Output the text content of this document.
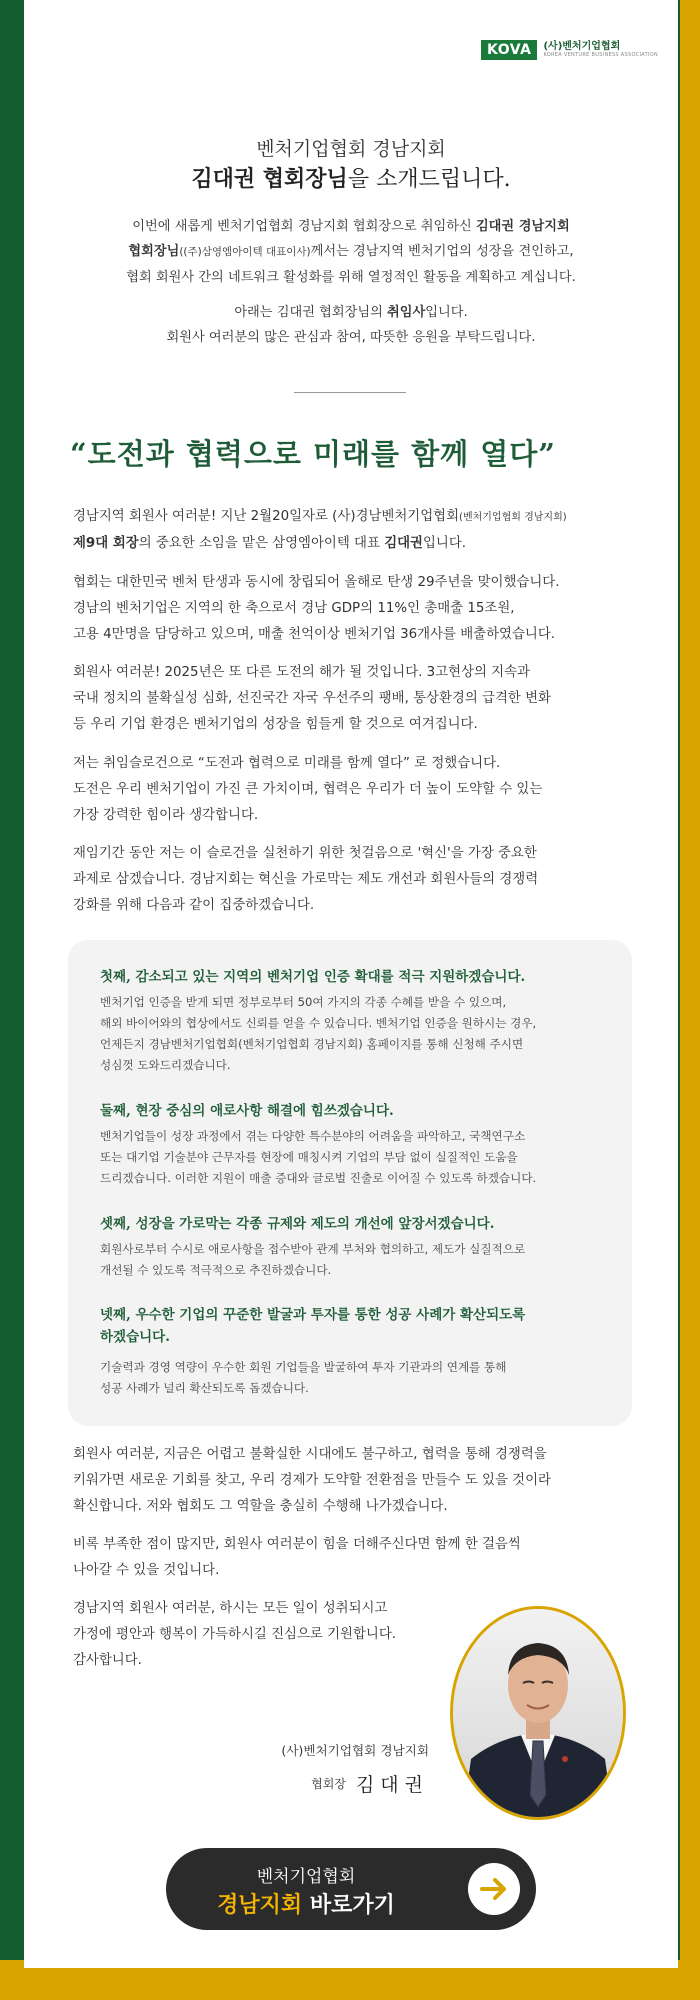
KOVA	(사)벤처기업협회
KOREA VENTURE BUSINESS ASSOCIATION
벤처기업협회 경남지회
김대권 협회장님을 소개드립니다.
이번에 새롭게 벤처기업협회 경남지회 협회장으로 취임하신 김대권 경남지회
협회장님((주)삼영엠아이텍 대표이사)께서는 경남지역 벤처기업의 성장을 견인하고,
협회 회원사 간의 네트워크 활성화를 위해 열정적인 활동을 계획하고 계십니다.
아래는 김대권 협회장님의 취임사입니다.
회원사 여러분의 많은 관심과 참여, 따뜻한 응원을 부탁드립니다.
“도전과 협력으로 미래를 함께 열다”
경남지역 회원사 여러분! 지난 2월20일자로 (사)경남벤처기업협회(벤처기업협회 경남지회)
제9대 회장의 중요한 소임을 맡은 삼영엠아이텍 대표 김대권입니다.
협회는 대한민국 벤처 탄생과 동시에 창립되어 올해로 탄생 29주년을 맞이했습니다.
경남의 벤처기업은 지역의 한 축으로서 경남 GDP의 11%인 총매출 15조원,
고용 4만명을 담당하고 있으며, 매출 천억이상 벤처기업 36개사를 배출하였습니다.
회원사 여러분! 2025년은 또 다른 도전의 해가 될 것입니다. 3고현상의 지속과
국내 정치의 불확실성 심화, 선진국간 자국 우선주의 팽배, 통상환경의 급격한 변화
등 우리 기업 환경은 벤처기업의 성장을 힘들게 할 것으로 여겨집니다.
저는 취임슬로건으로 “도전과 협력으로 미래를 함께 열다” 로 정했습니다.
도전은 우리 벤처기업이 가진 큰 가치이며, 협력은 우리가 더 높이 도약할 수 있는
가장 강력한 힘이라 생각합니다.
재임기간 동안 저는 이 슬로건을 실천하기 위한 첫걸음으로 '혁신'을 가장 중요한
과제로 삼겠습니다. 경남지회는 혁신을 가로막는 제도 개선과 회원사들의 경쟁력
강화를 위해 다음과 같이 집중하겠습니다.
첫째, 감소되고 있는 지역의 벤처기업 인증 확대를 적극 지원하겠습니다.
벤처기업 인증을 받게 되면 정부로부터 50여 가지의 각종 수혜를 받을 수 있으며,
해외 바이어와의 협상에서도 신뢰를 얻을 수 있습니다. 벤처기업 인증을 원하시는 경우,
언제든지 경남벤처기업협회(벤처기업협회 경남지회) 홈페이지를 통해 신청해 주시면
성심껏 도와드리겠습니다.
둘째, 현장 중심의 애로사항 해결에 힘쓰겠습니다.
벤처기업들이 성장 과정에서 겪는 다양한 특수분야의 어려움을 파악하고, 국책연구소
또는 대기업 기술분야 근무자를 현장에 매칭시켜 기업의 부담 없이 실질적인 도움을
드리겠습니다. 이러한 지원이 매출 증대와 글로벌 진출로 이어질 수 있도록 하겠습니다.
셋째, 성장을 가로막는 각종 규제와 제도의 개선에 앞장서겠습니다.
회원사로부터 수시로 애로사항을 접수받아 관계 부처와 협의하고, 제도가 실질적으로
개선될 수 있도록 적극적으로 추진하겠습니다.
넷째, 우수한 기업의 꾸준한 발굴과 투자를 통한 성공 사례가 확산되도록
하겠습니다.
기술력과 경영 역량이 우수한 회원 기업들을 발굴하여 투자 기관과의 연계를 통해
성공 사례가 널리 확산되도록 돕겠습니다.
회원사 여러분, 지금은 어렵고 불확실한 시대에도 불구하고, 협력을 통해 경쟁력을
키워가면 새로운 기회를 찾고, 우리 경제가 도약할 전환점을 만들수 도 있을 것이라
확신합니다. 저와 협회도 그 역할을 충실히 수행해 나가겠습니다.
비록 부족한 점이 많지만, 회원사 여러분이 힘을 더해주신다면 함께 한 걸음씩
나아갈 수 있을 것입니다.
경남지역 회원사 여러분, 하시는 모든 일이 성취되시고
가정에 평안과 행복이 가득하시길 진심으로 기원합니다.
감사합니다.
(사)벤처기업협회 경남지회
협회장 김대권
벤처기업협회
경남지회 바로가기
